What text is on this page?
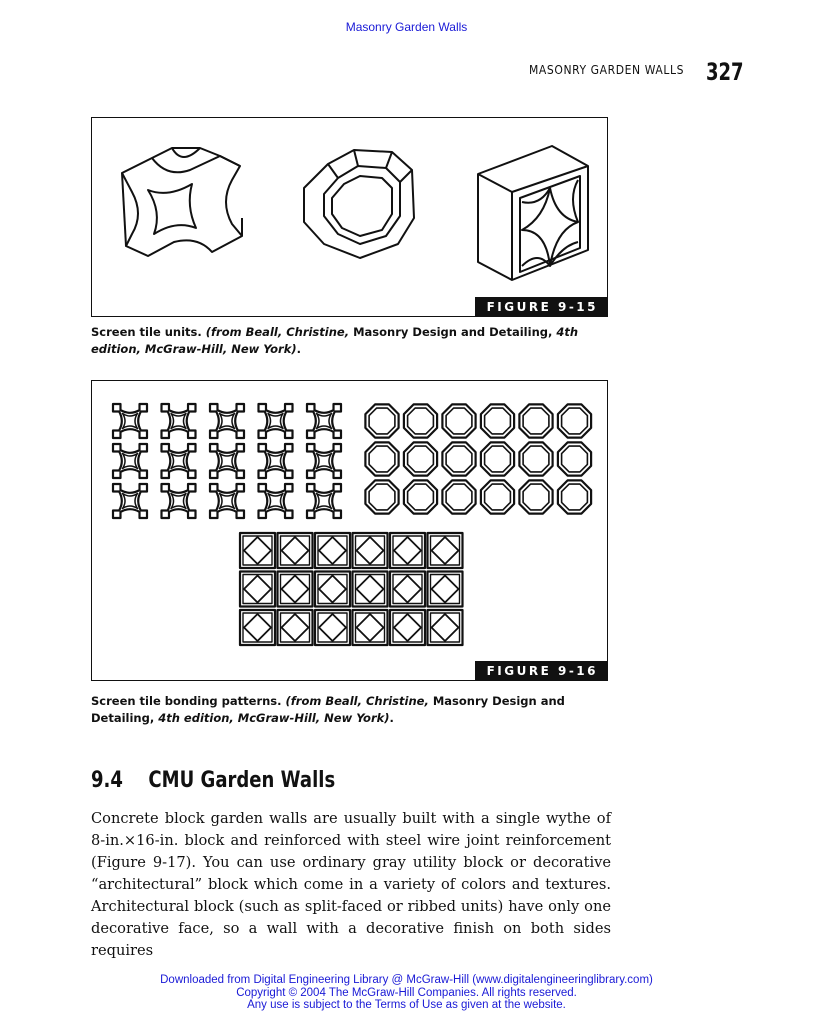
Masonry Garden Walls
MASONRY GARDEN WALLS 327
FIGURE 9-15
Screen tile units. (from Beall, Christine, Masonry Design and Detailing, 4th edition, McGraw-Hill, New York).
FIGURE 9-16
Screen tile bonding patterns. (from Beall, Christine, Masonry Design and Detailing, 4th edition, McGraw-Hill, New York).
9.4 CMU Garden Walls
Concrete block garden walls are usually built with a single wythe of 8-in.×16-in. block and reinforced with steel wire joint reinforcement (Figure 9-17). You can use ordinary gray utility block or decorative “architectural” block which come in a variety of colors and textures. Architectural block (such as split-faced or ribbed units) have only one decorative face, so a wall with a decorative finish on both sides requires
Downloaded from Digital Engineering Library @ McGraw-Hill (www.digitalengineeringlibrary.com)
Copyright © 2004 The McGraw-Hill Companies. All rights reserved.
Any use is subject to the Terms of Use as given at the website.
